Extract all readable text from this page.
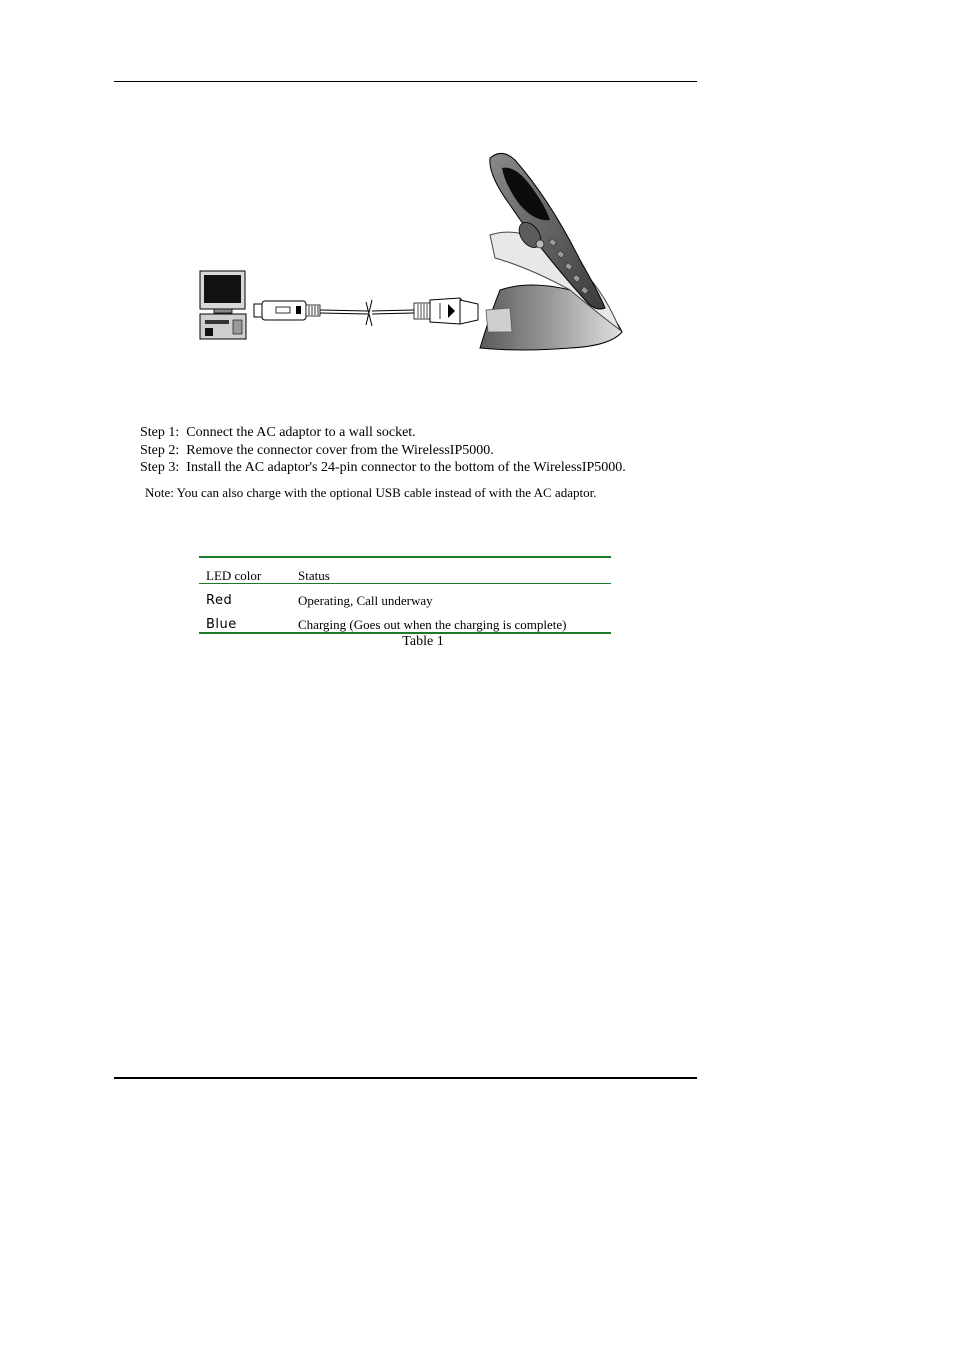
Step 1: Connect the AC adaptor to a wall socket.
Step 2: Remove the connector cover from the WirelessIP5000.
Step 3: Install the AC adaptor's 24-pin connector to the bottom of the WirelessIP5000.
Note: You can also charge with the optional USB cable instead of with the AC adaptor.
LED color	Status
Red	Operating, Call underway
Blue	Charging (Goes out when the charging is complete)
Table 1
